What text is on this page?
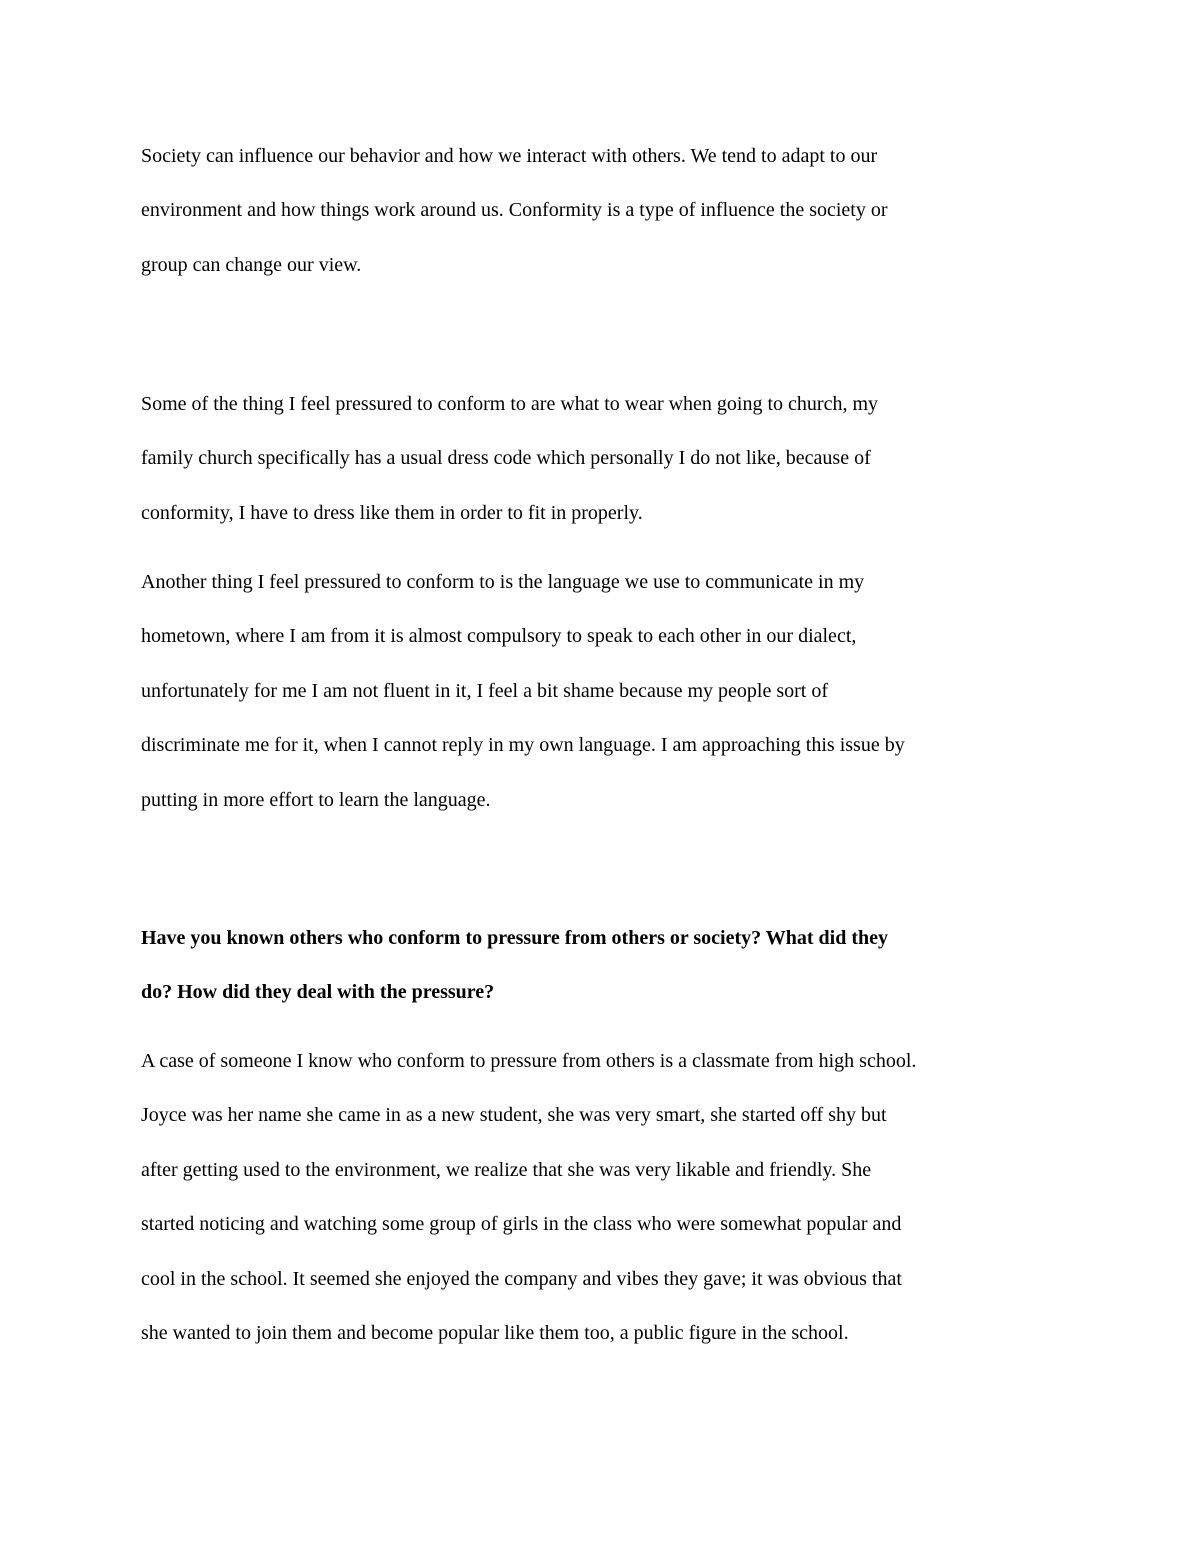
Society can influence our behavior and how we interact with others. We tend to adapt to our
environment and how things work around us. Conformity is a type of influence the society or
group can change our view.

Some of the thing I feel pressured to conform to are what to wear when going to church, my
family church specifically has a usual dress code which personally I do not like, because of
conformity, I have to dress like them in order to fit in properly.

Another thing I feel pressured to conform to is the language we use to communicate in my
hometown, where I am from it is almost compulsory to speak to each other in our dialect,
unfortunately for me I am not fluent in it, I feel a bit shame because my people sort of
discriminate me for it, when I cannot reply in my own language. I am approaching this issue by
putting in more effort to learn the language.

Have you known others who conform to pressure from others or society? What did they
do? How did they deal with the pressure?

A case of someone I know who conform to pressure from others is a classmate from high school.
Joyce was her name she came in as a new student, she was very smart, she started off shy but
after getting used to the environment, we realize that she was very likable and friendly. She
started noticing and watching some group of girls in the class who were somewhat popular and
cool in the school. It seemed she enjoyed the company and vibes they gave; it was obvious that
she wanted to join them and become popular like them too, a public figure in the school.
